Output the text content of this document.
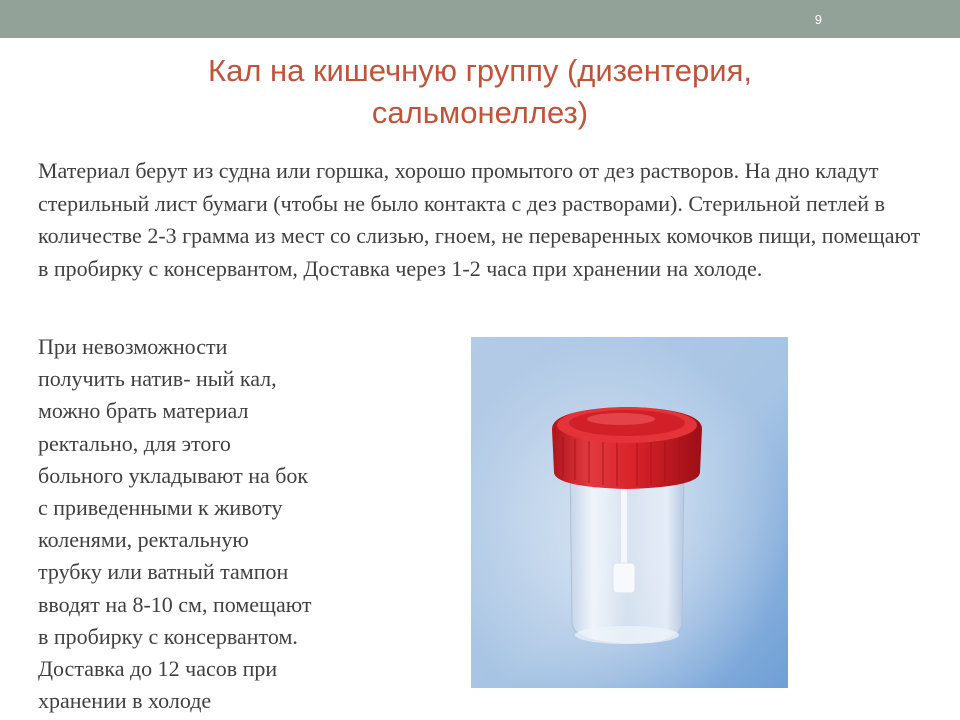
9
Кал на кишечную группу (дизентерия,
сальмонеллез)

Материал берут из судна или горшка, хорошо промытого от дез растворов. На дно кладут стерильный лист бумаги (чтобы не было контакта с дез растворами). Стерильной петлей в количестве 2-3 грамма из мест со слизью, гноем, не переваренных комочков пищи, помещают в пробирку с консервантом, Доставка через 1-2 часа при хранении на холоде.

При невозможности
получить натив- ный кал,
можно брать материал
ректально, для этого
больного укладывают на бок
с приведенными к животу
коленями, ректальную
трубку или ватный тампон
вводят на 8-10 см, помещают
в пробирку с консервантом.
Доставка до 12 часов при
хранении в холоде
